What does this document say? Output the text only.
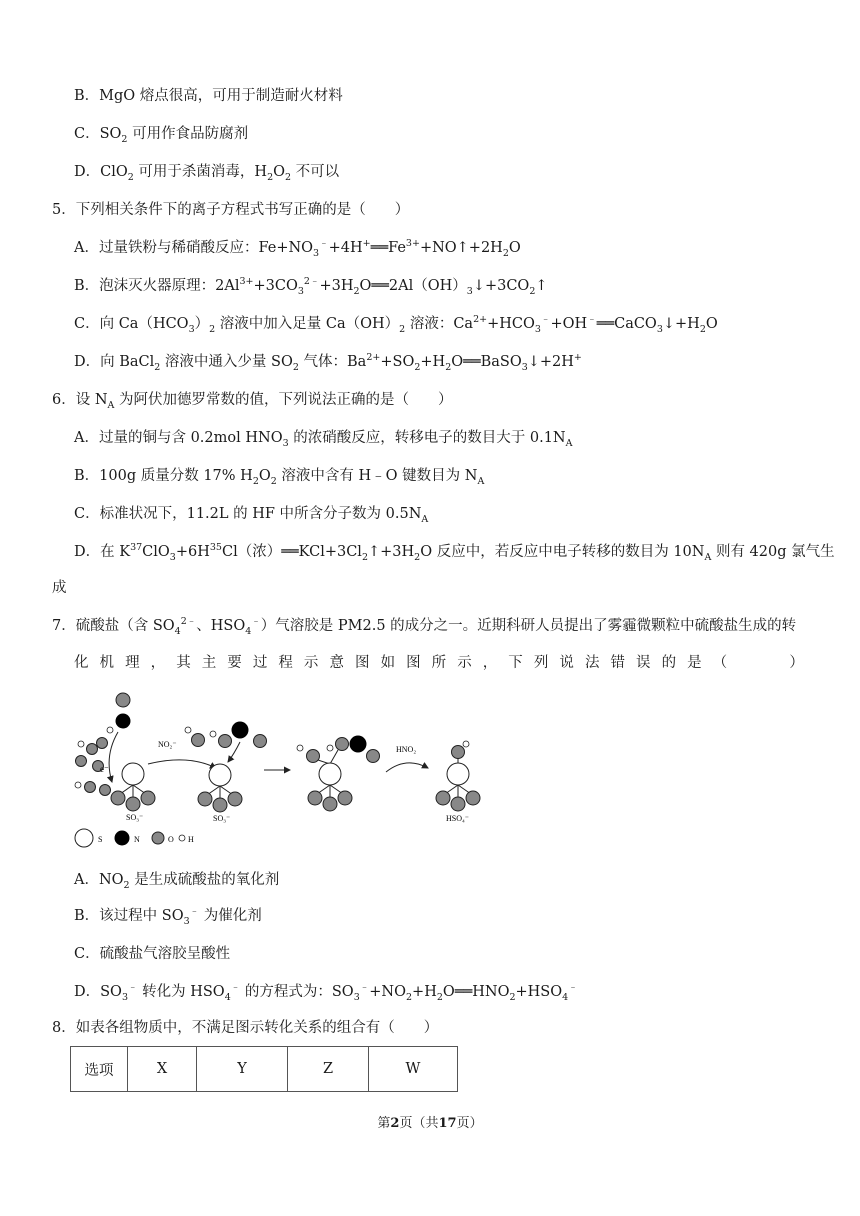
B．MgO 熔点很高，可用于制造耐火材料
C．$SO_2$ 可用作食品防腐剂
D．ClO$_2$ 可用于杀菌消毒，$H_2O_2$ 不可以
5．下列相关条件下的离子方程式书写正确的是（　　）
A．过量铁粉与稀硝酸反应：$Fe+NO_3^﹣+4H^+══Fe^{3+}+NO↑+2H_2O$
B．泡沫灭火器原理：$2Al^{3+}+3CO_3^{2﹣}+3H_2O══2Al(OH)_3↓+3CO_2↑$
C．向 $Ca(HCO_3)_2$ 溶液中加入足量 $Ca(OH)_2$ 溶液：$Ca^{2+}+HCO_3^﹣+OH^﹣══CaCO_3↓+H_2O$
D．向 BaCl$_2$ 溶液中通入少量 $SO_2$ 气体：$Ba^{2+}+SO_2+H_2O══BaSO_3↓+2H^+$
6．设 $N_A$ 为阿伏加德罗常数的值，下列说法正确的是（　　）
A．过量的铜与含 0.2mol $HNO_3$ 的浓硝酸反应，转移电子的数目大于 $0.1N_A$
B．100g 质量分数 17% $H_2O_2$ 溶液中含有 H﹣O 键数目为 $N_A$
C．标准状况下，11.2L 的 HF 中所含分子数为 $0.5N_A$
D．在 $K^{37}ClO_3+6H^{35}Cl$（浓）$══KCl+3Cl_2↑+3H_2O$ 反应中，若反应中电子转移的数目为 $10N_A$ 则有 420g 氯气生
成
7．硫酸盐（含 $SO_4^{2﹣}$、$HSO_4^﹣$）气溶胶是 PM2.5 的成分之一。近期科研人员提出了雾霾微颗粒中硫酸盐生成的转
化 机 理 ， 其 主 要 过 程 示 意 图 如 图 所 示 ， 下 列 说 法 错 误 的 是 （

　	）
e⁻
SO₃⁻
NO₂⁻
SO₃⁻
HNO₂
HSO₄⁻
S	N	O H
A．$NO_2$ 是生成硫酸盐的氧化剂
B．该过程中 $SO_3^﹣$ 为催化剂
C．硫酸盐气溶胶呈酸性
D．$SO_3^﹣$ 转化为 $HSO_4^﹣$ 的方程式为：$SO_3^﹣+NO_2+H_2O══HNO_2+HSO_4^﹣$
8．如表各组物质中，不满足图示转化关系的组合有（　　）
选项	X	Y	Z	W
第2页（共17页）
